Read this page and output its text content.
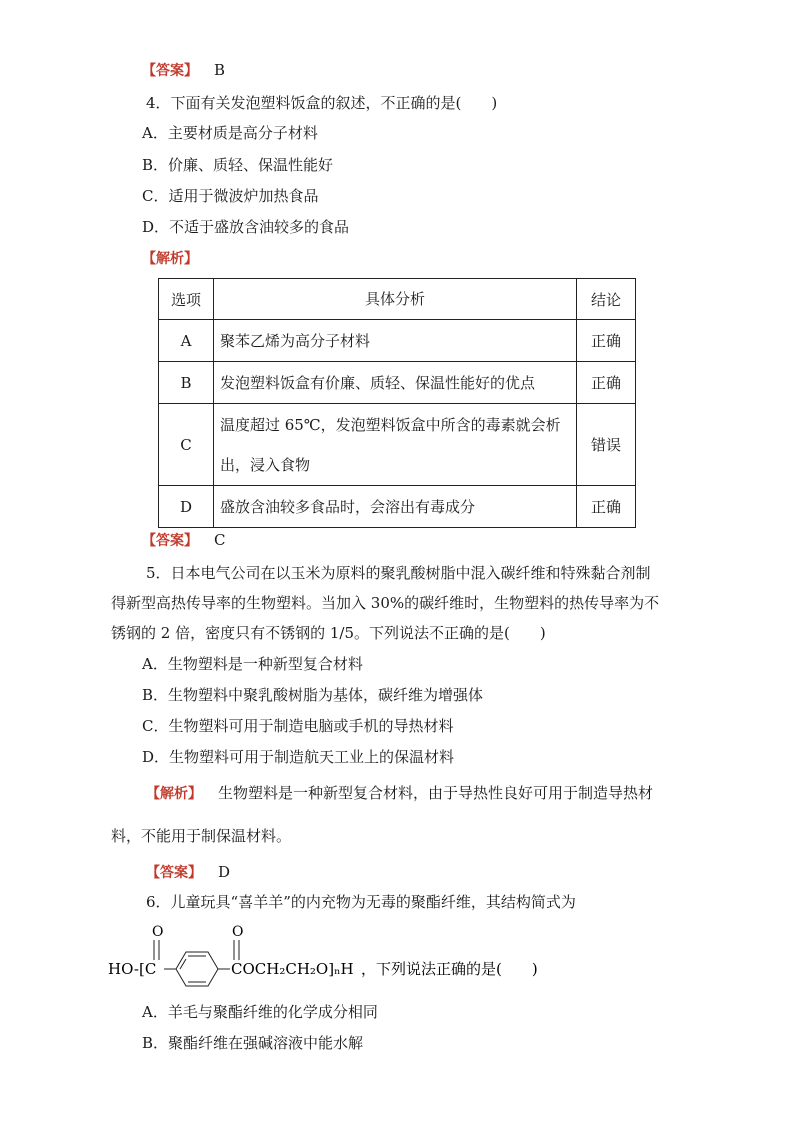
【答案】 B
4．下面有关发泡塑料饭盒的叙述，不正确的是(　　)
A．主要材质是高分子材料
B．价廉、质轻、保温性能好
C．适用于微波炉加热食品
D．不适于盛放含油较多的食品
【解析】
选项	具体分析	结论
A	聚苯乙烯为高分子材料	正确
B	发泡塑料饭盒有价廉、质轻、保温性能好的优点	正确
C	温度超过 65℃，发泡塑料饭盒中所含的毒素就会析
出，浸入食物	错误
D	盛放含油较多食品时，会溶出有毒成分	正确
【答案】 C
5．日本电气公司在以玉米为原料的聚乳酸树脂中混入碳纤维和特殊黏合剂制
得新型高热传导率的生物塑料。当加入 30%的碳纤维时，生物塑料的热传导率为不
锈钢的 2 倍，密度只有不锈钢的 1/5。下列说法不正确的是(　　)
A．生物塑料是一种新型复合材料
B．生物塑料中聚乳酸树脂为基体，碳纤维为增强体
C．生物塑料可用于制造电脑或手机的导热材料
D．生物塑料可用于制造航天工业上的保温材料
【解析】 生物塑料是一种新型复合材料，由于导热性良好可用于制造导热材
料，不能用于制保温材料。
【答案】 D
6．儿童玩具“喜羊羊”的内充物为无毒的聚酯纤维，其结构简式为
O	O
HO-[C	COCH₂CH₂O]ₙH ，下列说法正确的是(　　)
A．羊毛与聚酯纤维的化学成分相同
B．聚酯纤维在强碱溶液中能水解
